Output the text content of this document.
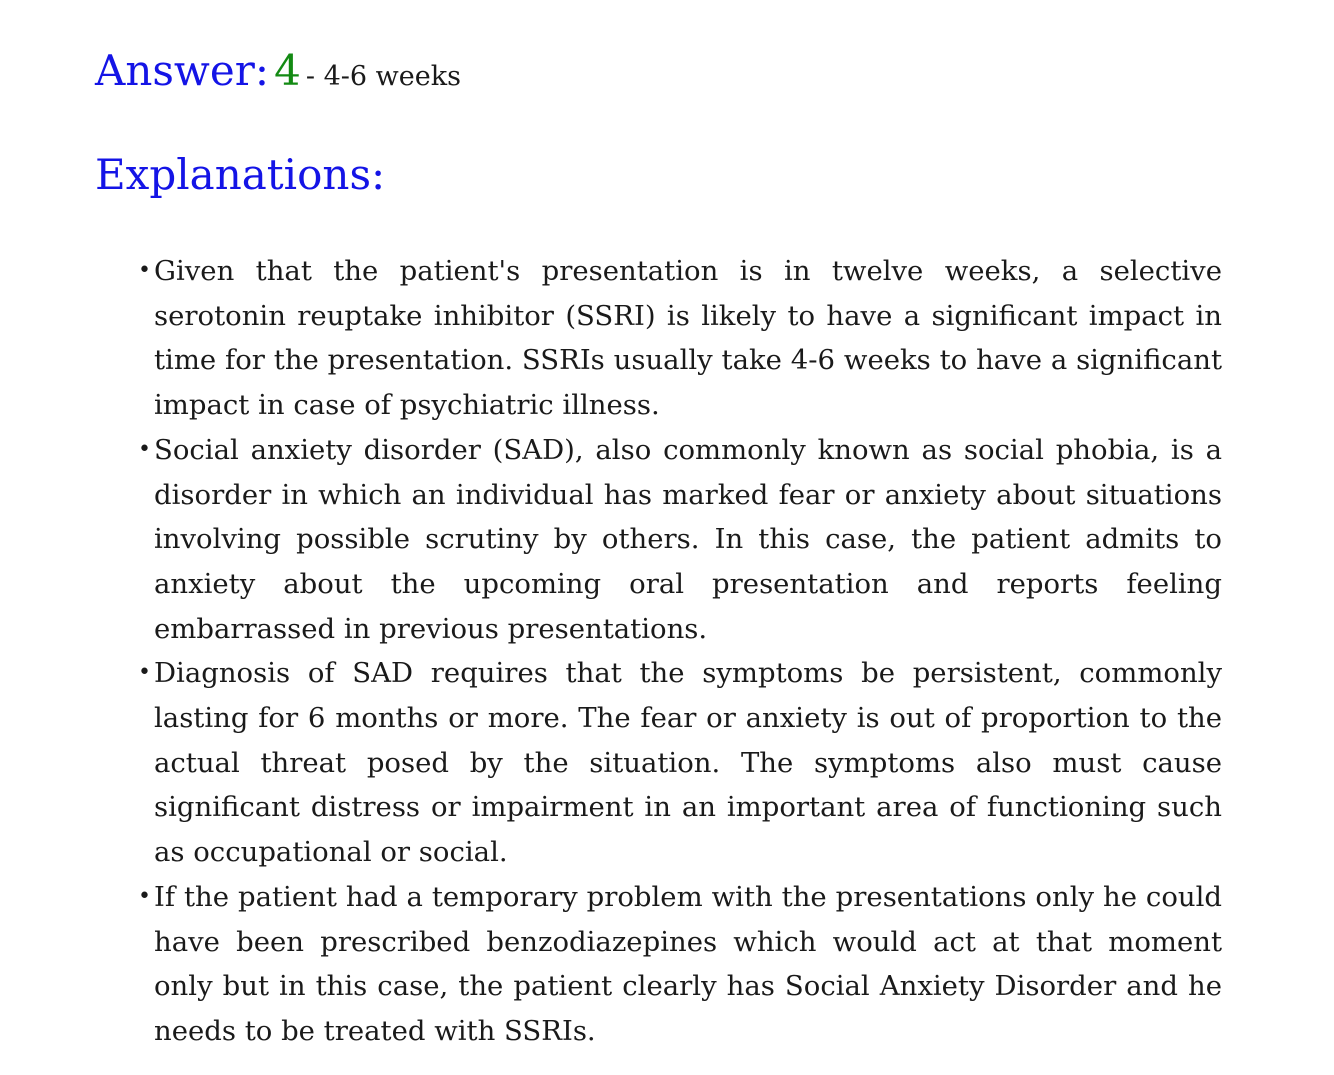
Answer: 4 - 4-6 weeks
Explanations:
• Given that the patient's presentation is in twelve weeks, a selective serotonin reuptake inhibitor (SSRI) is likely to have a significant impact in time for the presentation. SSRIs usually take 4-6 weeks to have a significant impact in case of psychiatric illness.
• Social anxiety disorder (SAD), also commonly known as social phobia, is a disorder in which an individual has marked fear or anxiety about situations involving possible scrutiny by others. In this case, the patient admits to anxiety about the upcoming oral presentation and reports feeling embarrassed in previous presentations.
• Diagnosis of SAD requires that the symptoms be persistent, commonly lasting for 6 months or more. The fear or anxiety is out of proportion to the actual threat posed by the situation. The symptoms also must cause significant distress or impairment in an important area of functioning such as occupational or social.
• If the patient had a temporary problem with the presentations only he could have been prescribed benzodiazepines which would act at that moment only but in this case, the patient clearly has Social Anxiety Disorder and he needs to be treated with SSRIs.
